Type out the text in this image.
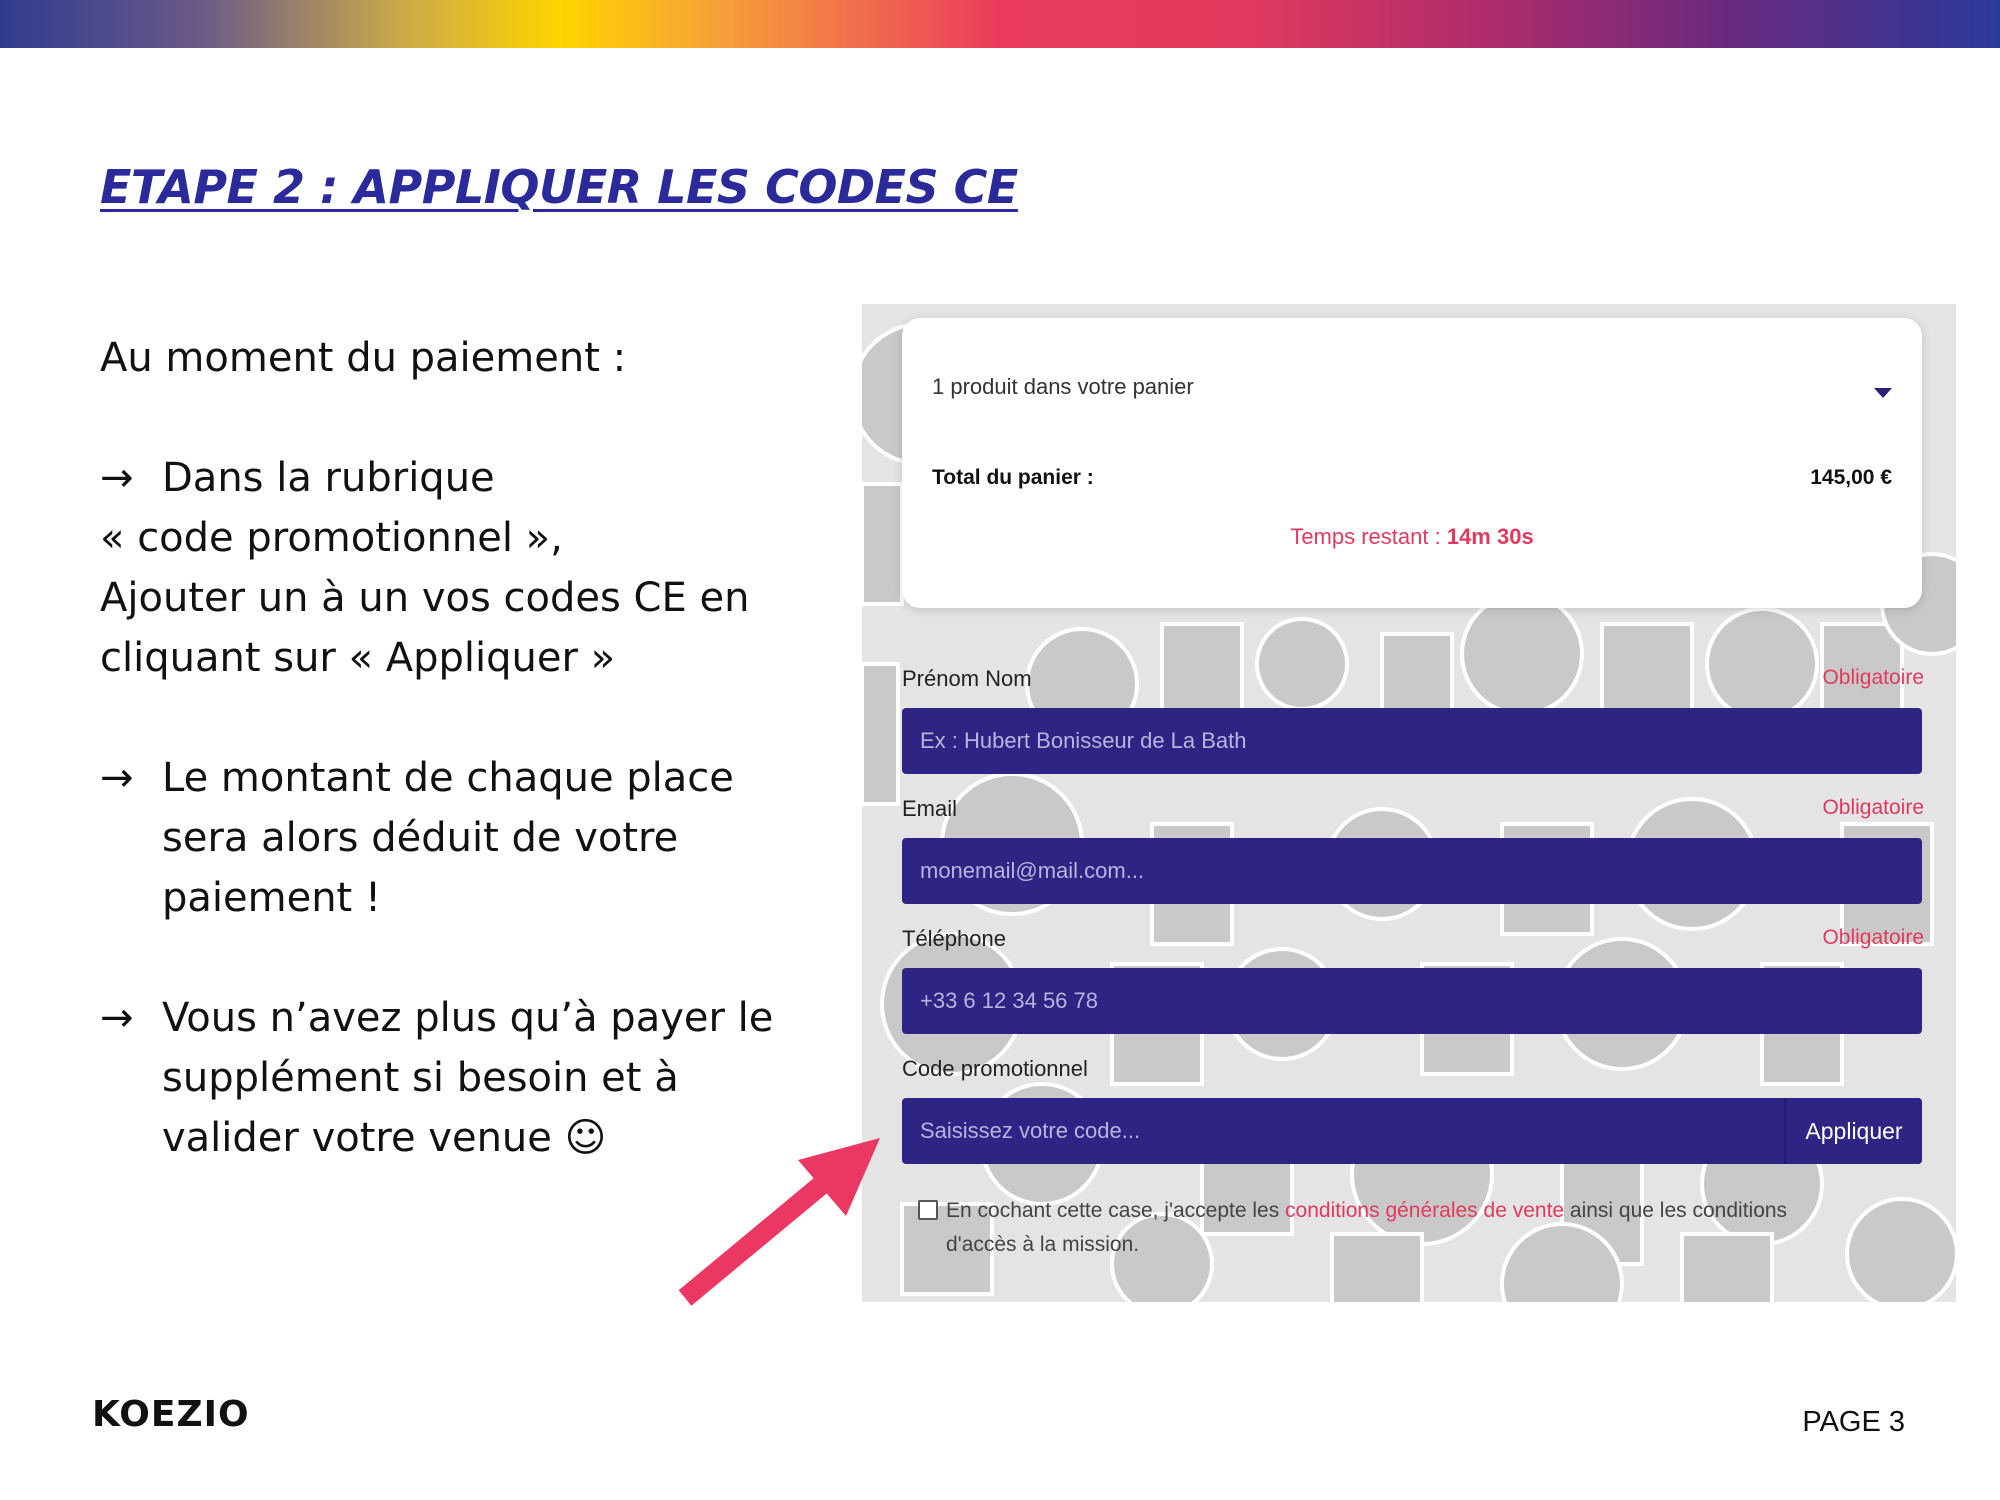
ETAPE 2 : APPLIQUER LES CODES CE

Au moment du paiement :

→ Dans la rubrique
« code promotionnel »,
Ajouter un à un vos codes CE en
cliquant sur « Appliquer »

→ Le montant de chaque place sera alors déduit de votre paiement !

→ Vous n’avez plus qu’à payer le supplément si besoin et à valider votre venue ☺

1 produit dans votre panier
Total du panier :	145,00 €
Temps restant : 14m 30s
Prénom Nom	Obligatoire
Ex : Hubert Bonisseur de La Bath
Email	Obligatoire
monemail@mail.com...
Téléphone	Obligatoire
+33 6 12 34 56 78
Code promotionnel
Saisissez votre code...
Appliquer
En cochant cette case, j'accepte les conditions générales de vente ainsi que les conditions d'accès à la mission.
KOEZIO	PAGE 3
